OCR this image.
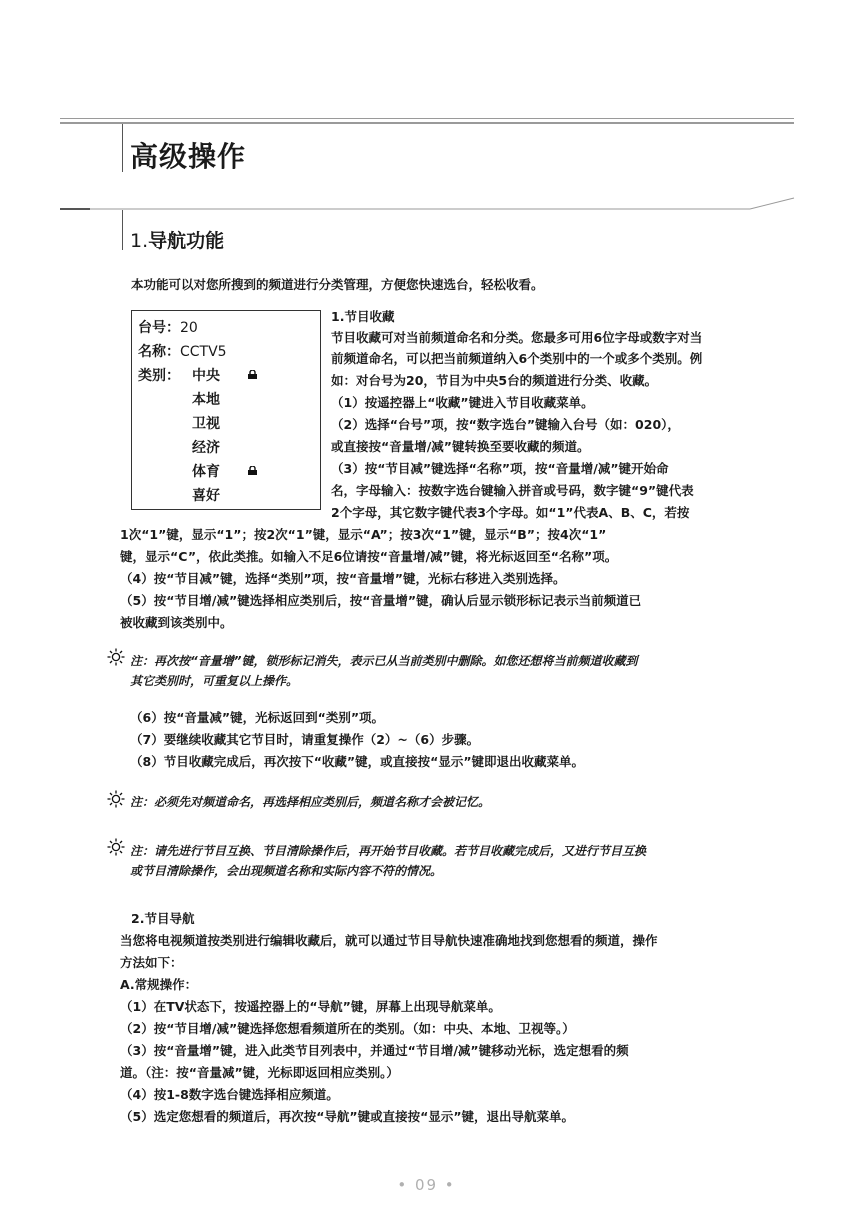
高级操作
1.导航功能
本功能可以对您所搜到的频道进行分类管理，方便您快速选台，轻松收看。
台号：20
名称：CCTV5
类别： 中央
本地
卫视
经济
体育
喜好
1.节目收藏
节目收藏可对当前频道命名和分类。您最多可用6位字母或数字对当
前频道命名，可以把当前频道纳入6个类别中的一个或多个类别。例
如：对台号为20，节目为中央5台的频道进行分类、收藏。
（1）按遥控器上“收藏”键进入节目收藏菜单。
（2）选择“台号”项，按“数字选台”键输入台号（如：020），
或直接按“音量增/减”键转换至要收藏的频道。
（3）按“节目减”键选择“名称”项，按“音量增/减”键开始命
名，字母输入：按数字选台键输入拼音或号码，数字键“9”键代表
2个字母，其它数字键代表3个字母。如“1”代表A、B、C，若按
1次“1”键，显示“1”；按2次“1”键，显示“A”；按3次“1”键，显示“B”；按4次“1”
键，显示“C”，依此类推。如输入不足6位请按“音量增/减”键，将光标返回至“名称”项。
（4）按“节目减”键，选择“类别”项，按“音量增”键，光标右移进入类别选择。
（5）按“节目增/减”键选择相应类别后，按“音量增”键，确认后显示锁形标记表示当前频道已
被收藏到该类别中。
注：再次按“音量增”键，锁形标记消失，表示已从当前类别中删除。如您还想将当前频道收藏到
其它类别时，可重复以上操作。
（6）按“音量减”键，光标返回到“类别”项。
（7）要继续收藏其它节目时，请重复操作（2）~（6）步骤。
（8）节目收藏完成后，再次按下“收藏”键，或直接按“显示”键即退出收藏菜单。
注：必须先对频道命名，再选择相应类别后，频道名称才会被记忆。
注：请先进行节目互换、节目清除操作后，再开始节目收藏。若节目收藏完成后，又进行节目互换
或节目清除操作，会出现频道名称和实际内容不符的情况。
2.节目导航
当您将电视频道按类别进行编辑收藏后，就可以通过节目导航快速准确地找到您想看的频道，操作
方法如下：
A.常规操作：
（1）在TV状态下，按遥控器上的“导航”键，屏幕上出现导航菜单。
（2）按“节目增/减”键选择您想看频道所在的类别。（如：中央、本地、卫视等。）
（3）按“音量增”键，进入此类节目列表中，并通过“节目增/减”键移动光标，选定想看的频
道。（注：按“音量减”键，光标即返回相应类别。）
（4）按1-8数字选台键选择相应频道。
（5）选定您想看的频道后，再次按“导航”键或直接按“显示”键，退出导航菜单。
• 09 •
